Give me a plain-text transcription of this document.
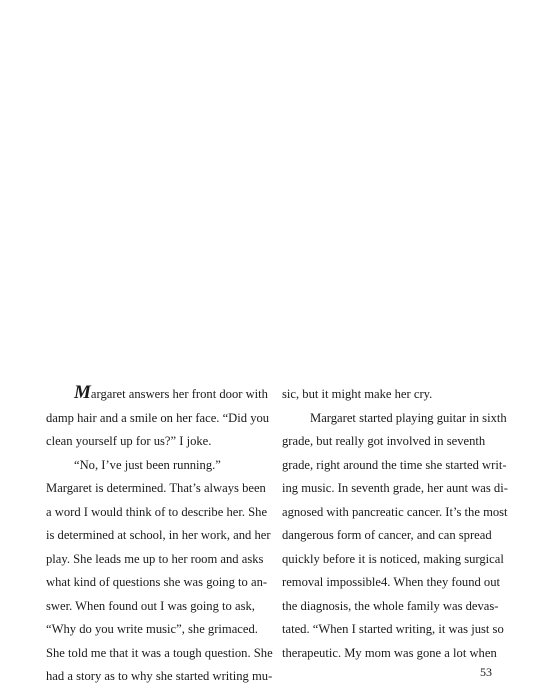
Margaret answers her front door with
damp hair and a smile on her face. “Did you
clean yourself up for us?” I joke.
“No, I’ve just been running.”
Margaret is determined. That’s always been
a word I would think of to describe her. She
is determined at school, in her work, and her
play. She leads me up to her room and asks
what kind of questions she was going to an-
swer. When found out I was going to ask,
“Why do you write music”, she grimaced.
She told me that it was a tough question. She
had a story as to why she started writing mu-
sic, but it might make her cry.
Margaret started playing guitar in sixth
grade, but really got involved in seventh
grade, right around the time she started writ-
ing music. In seventh grade, her aunt was di-
agnosed with pancreatic cancer. It’s the most
dangerous form of cancer, and can spread
quickly before it is noticed, making surgical
removal impossible4. When they found out
the diagnosis, the whole family was devas-
tated. “When I started writing, it was just so
therapeutic. My mom was gone a lot when
53
